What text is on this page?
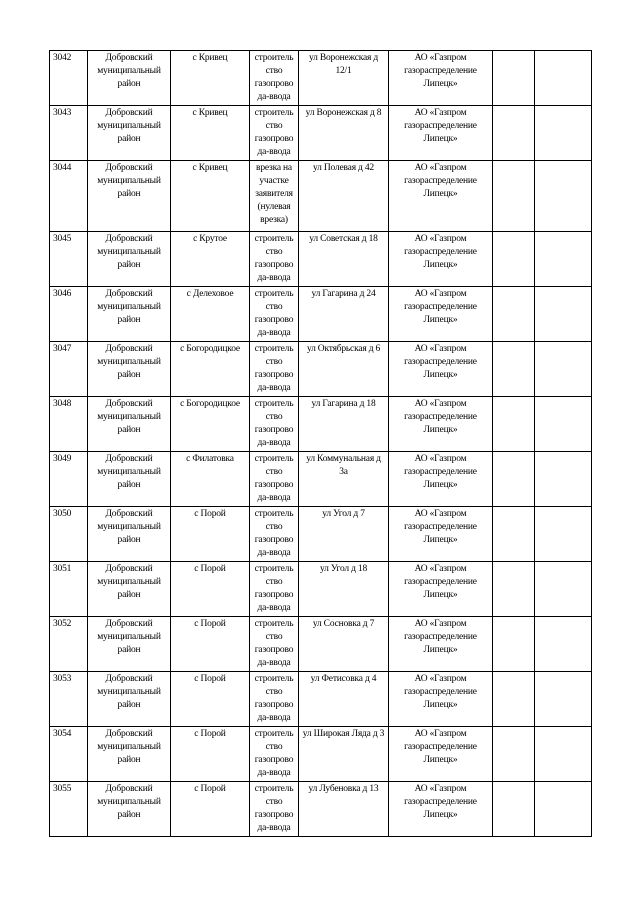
3042	Добровский муниципальный район	с Кривец	строитель ство газопрово да-ввода	ул Воронежская д 12/1	АО «Газпром газораспределение Липецк»		
3043	Добровский муниципальный район	с Кривец	строитель ство газопрово да-ввода	ул Воронежская д 8	АО «Газпром газораспределение Липецк»		
3044	Добровский муниципальный район	с Кривец	врезка на участке заявителя (нулевая врезка)	ул Полевая д 42	АО «Газпром газораспределение Липецк»		
3045	Добровский муниципальный район	с Крутое	строитель ство газопрово да-ввода	ул Советская д 18	АО «Газпром газораспределение Липецк»		
3046	Добровский муниципальный район	с Делеховое	строитель ство газопрово да-ввода	ул Гагарина д 24	АО «Газпром газораспределение Липецк»		
3047	Добровский муниципальный район	с Богородицкое	строитель ство газопрово да-ввода	ул Октябрьская д 6	АО «Газпром газораспределение Липецк»		
3048	Добровский муниципальный район	с Богородицкое	строитель ство газопрово да-ввода	ул Гагарина д 18	АО «Газпром газораспределение Липецк»		
3049	Добровский муниципальный район	с Филатовка	строитель ство газопрово да-ввода	ул Коммунальная д 3а	АО «Газпром газораспределение Липецк»		
3050	Добровский муниципальный район	с Порой	строитель ство газопрово да-ввода	ул Угол д 7	АО «Газпром газораспределение Липецк»		
3051	Добровский муниципальный район	с Порой	строитель ство газопрово да-ввода	ул Угол д 18	АО «Газпром газораспределение Липецк»		
3052	Добровский муниципальный район	с Порой	строитель ство газопрово да-ввода	ул Сосновка д 7	АО «Газпром газораспределение Липецк»		
3053	Добровский муниципальный район	с Порой	строитель ство газопрово да-ввода	ул Фетисовка д 4	АО «Газпром газораспределение Липецк»		
3054	Добровский муниципальный район	с Порой	строитель ство газопрово да-ввода	ул Широкая Ляда д 3	АО «Газпром газораспределение Липецк»		
3055	Добровский муниципальный район	с Порой	строитель ство газопрово да-ввода	ул Лубеновка д 13	АО «Газпром газораспределение Липецк»		
